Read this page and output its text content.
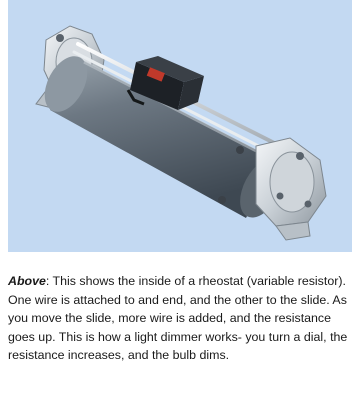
Above: This shows the inside of a rheostat (variable resistor). One wire is attached to and end, and the other to the slide. As you move the slide, more wire is added, and the resistance goes up. This is how a light dimmer works- you turn a dial, the resistance increases, and the bulb dims.
